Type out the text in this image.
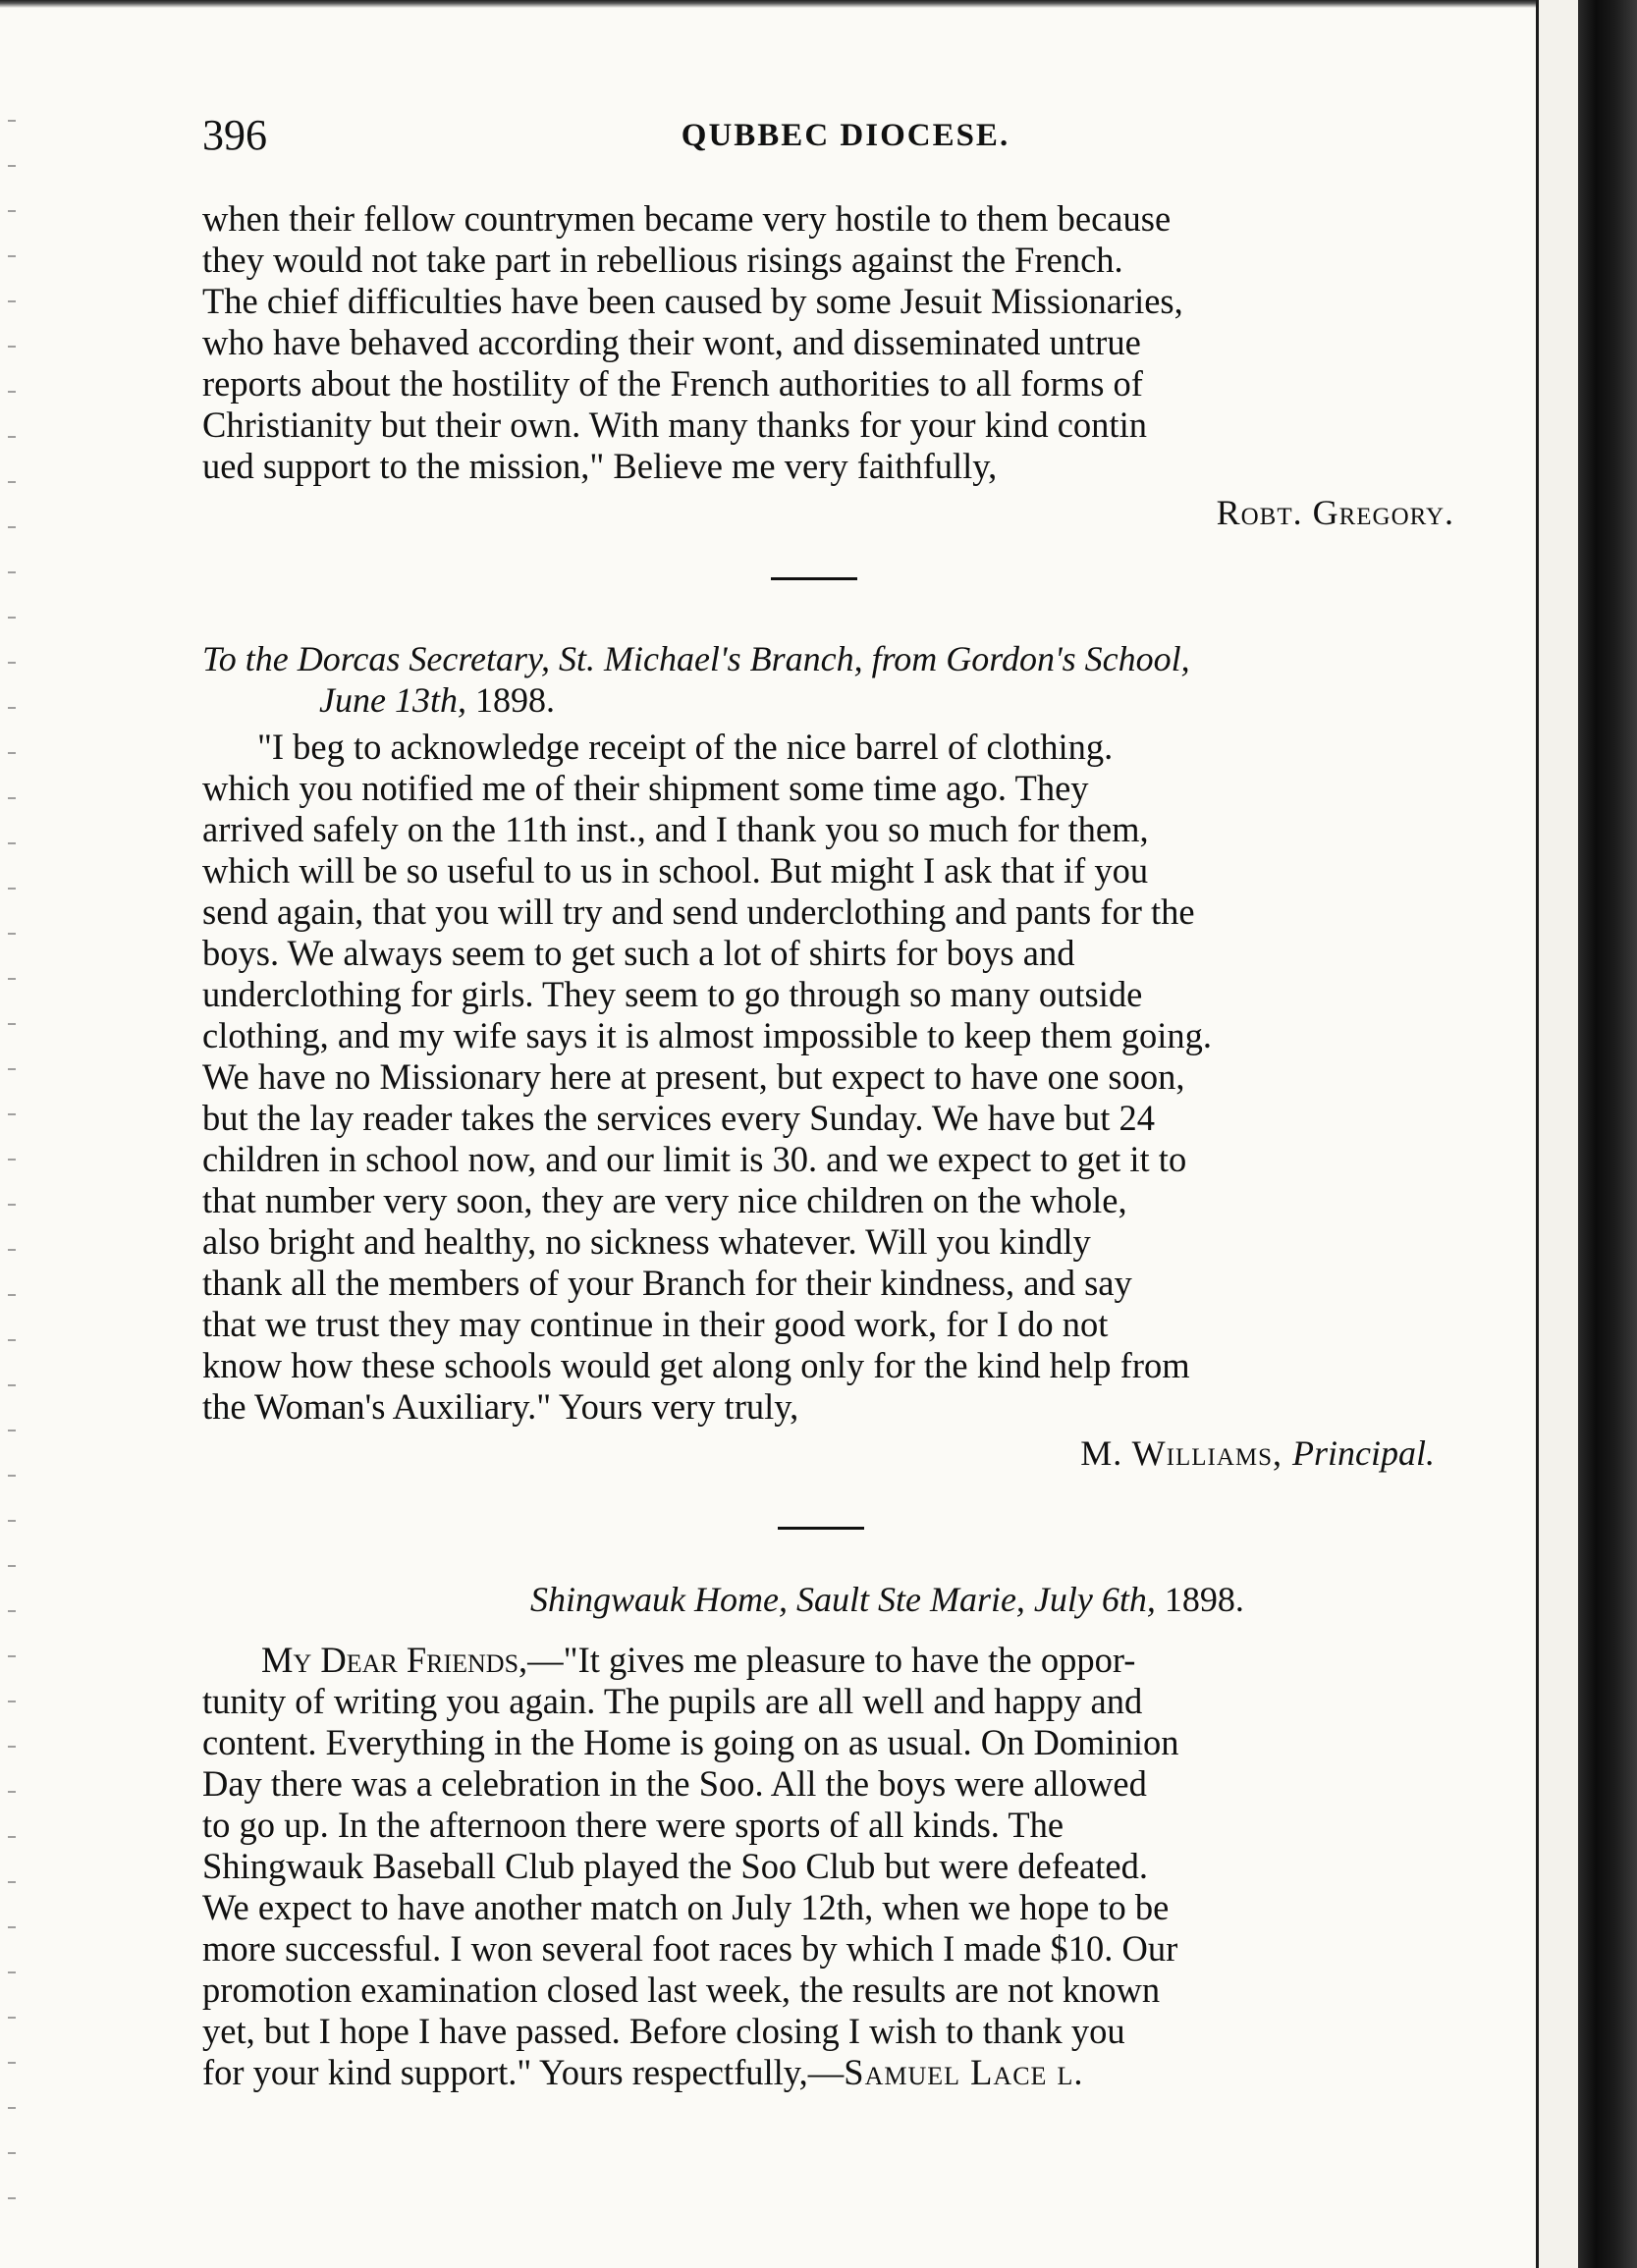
396	QUBBEC DIOCESE.

when their fellow countrymen became very hostile to them because

they would not take part in rebellious risings against the French.

The chief difficulties have been caused by some Jesuit Missionaries,

who have behaved according their wont, and disseminated untrue

reports about the hostility of the French authorities to all forms of

Christianity but their own. With many thanks for your kind contin

ued support to the mission," Believe me very faithfully,

Robt. Gregory.
To the Dorcas Secretary, St. Michael's Branch, from Gordon's School,
June 13th, 1898.

"I beg to acknowledge receipt of the nice barrel of clothing.

which you notified me of their shipment some time ago. They

arrived safely on the 11th inst., and I thank you so much for them,

which will be so useful to us in school. But might I ask that if you

send again, that you will try and send underclothing and pants for the

boys. We always seem to get such a lot of shirts for boys and

underclothing for girls. They seem to go through so many outside

clothing, and my wife says it is almost impossible to keep them going.

We have no Missionary here at present, but expect to have one soon,

but the lay reader takes the services every Sunday. We have but 24

children in school now, and our limit is 30. and we expect to get it to

that number very soon, they are very nice children on the whole,

also bright and healthy, no sickness whatever. Will you kindly

thank all the members of your Branch for their kindness, and say

that we trust they may continue in their good work, for I do not

know how these schools would get along only for the kind help from

the Woman's Auxiliary." Yours very truly,

M. Williams, Principal.
Shingwauk Home, Sault Ste Marie, July 6th, 1898.

My Dear Friends,—"It gives me pleasure to have the oppor-

tunity of writing you again. The pupils are all well and happy and

content. Everything in the Home is going on as usual. On Dominion

Day there was a celebration in the Soo. All the boys were allowed

to go up. In the afternoon there were sports of all kinds. The

Shingwauk Baseball Club played the Soo Club but were defeated.

We expect to have another match on July 12th, when we hope to be

more successful. I won several foot races by which I made $10. Our

promotion examination closed last week, the results are not known

yet, but I hope I have passed. Before closing I wish to thank you

for your kind support." Yours respectfully,—Samuel Lace l.
